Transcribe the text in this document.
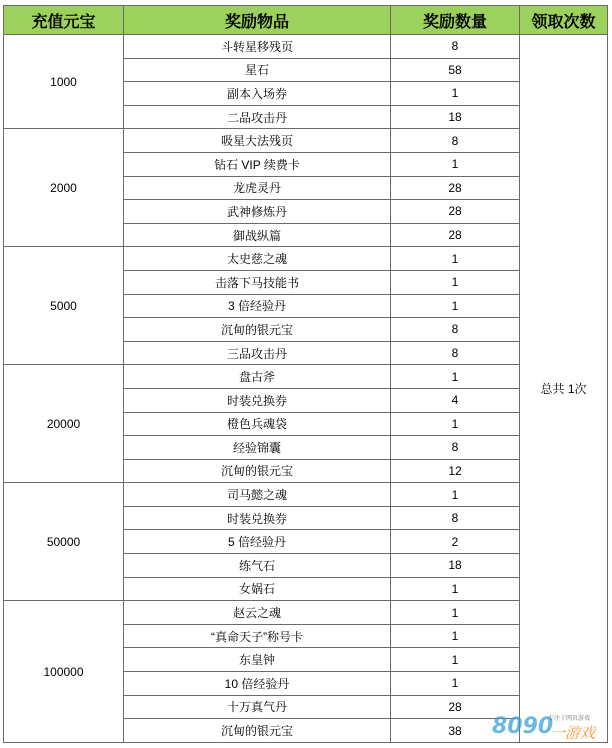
充值元宝	奖励物品	奖励数量	领取次数
1000	斗转星移残页	8	总共 1次
	星石	58	
	副本入场券	1	
	二品攻击丹	18	
2000	吸星大法残页	8	
	钻石 VIP 续费卡	1	
	龙虎灵丹	28	
	武神修炼丹	28	
	御战纵篇	28	
5000	太史慈之魂	1	
	击落下马技能书	1	
	3 倍经验丹	1	
	沉甸的银元宝	8	
	三品攻击丹	8	
20000	盘古斧	1	
	时装兑换券	4	
	橙色兵魂袋	1	
	经验锦囊	8	
	沉甸的银元宝	12	
50000	司马懿之魂	1	
	时装兑换券	8	
	5 倍经验丹	2	
	练气石	18	
	女娲石	1	
100000	赵云之魂	1	
	“真命天子”称号卡	1	
	东皇钟	1	
	10 倍经验丹	1	
	十万真气丹	28	
	沉甸的银元宝	38	8090
专注于网页游戏
一游戏
